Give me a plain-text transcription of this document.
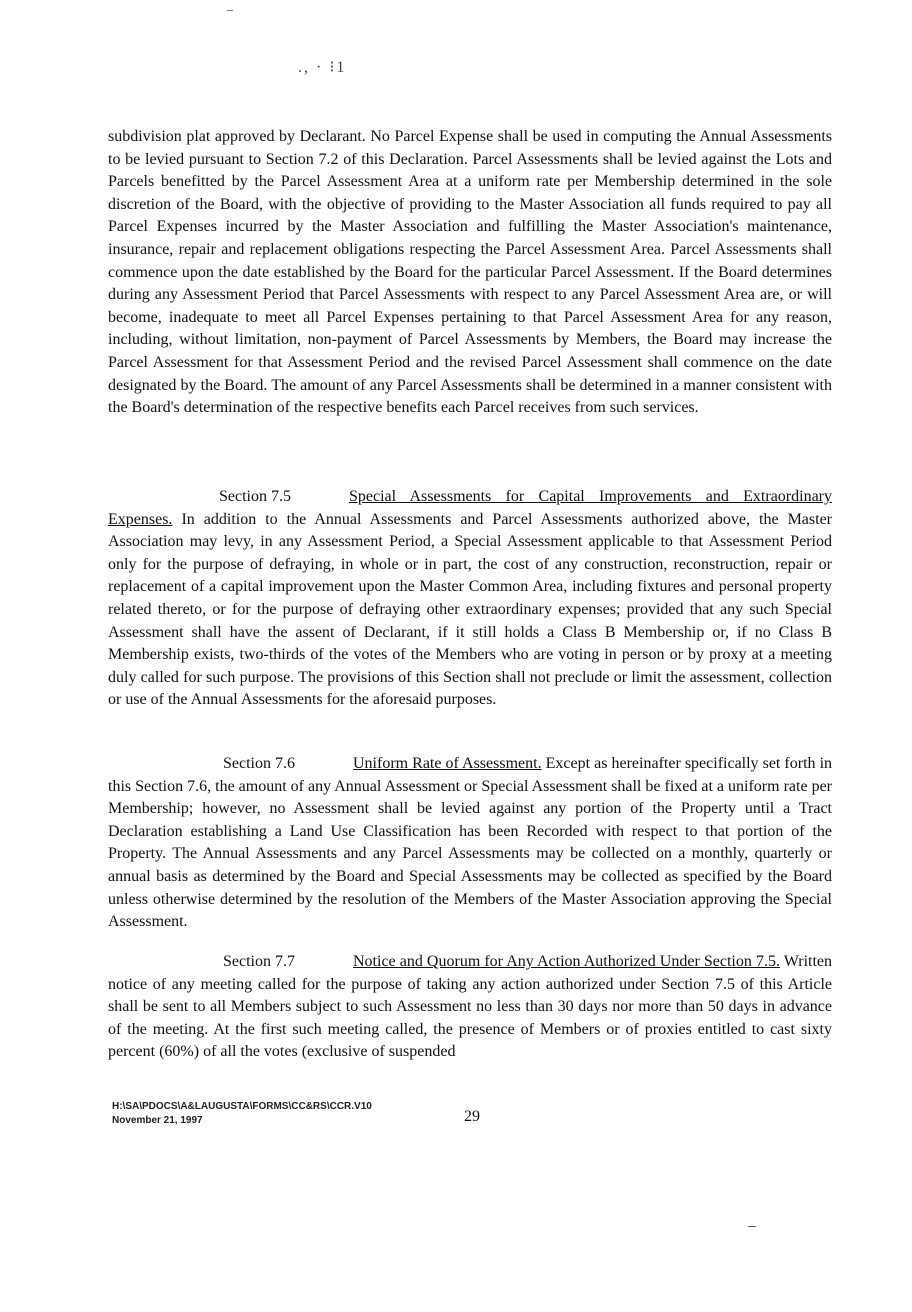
., · ⁝1
subdivision plat approved by Declarant. No Parcel Expense shall be used in computing the Annual Assessments to be levied pursuant to Section 7.2 of this Declaration. Parcel Assessments shall be levied against the Lots and Parcels benefitted by the Parcel Assessment Area at a uniform rate per Membership determined in the sole discretion of the Board, with the objective of providing to the Master Association all funds required to pay all Parcel Expenses incurred by the Master Association and fulfilling the Master Association's maintenance, insurance, repair and replacement obligations respecting the Parcel Assessment Area. Parcel Assessments shall commence upon the date established by the Board for the particular Parcel Assessment. If the Board determines during any Assessment Period that Parcel Assessments with respect to any Parcel Assessment Area are, or will become, inadequate to meet all Parcel Expenses pertaining to that Parcel Assessment Area for any reason, including, without limitation, non-payment of Parcel Assessments by Members, the Board may increase the Parcel Assessment for that Assessment Period and the revised Parcel Assessment shall commence on the date designated by the Board. The amount of any Parcel Assessments shall be determined in a manner consistent with the Board's determination of the respective benefits each Parcel receives from such services.
Section 7.5	Special Assessments for Capital Improvements and Extraordinary Expenses. In addition to the Annual Assessments and Parcel Assessments authorized above, the Master Association may levy, in any Assessment Period, a Special Assessment applicable to that Assessment Period only for the purpose of defraying, in whole or in part, the cost of any construction, reconstruction, repair or replacement of a capital improvement upon the Master Common Area, including fixtures and personal property related thereto, or for the purpose of defraying other extraordinary expenses; provided that any such Special Assessment shall have the assent of Declarant, if it still holds a Class B Membership or, if no Class B Membership exists, two-thirds of the votes of the Members who are voting in person or by proxy at a meeting duly called for such purpose. The provisions of this Section shall not preclude or limit the assessment, collection or use of the Annual Assessments for the aforesaid purposes.
Section 7.6	Uniform Rate of Assessment. Except as hereinafter specifically set forth in this Section 7.6, the amount of any Annual Assessment or Special Assessment shall be fixed at a uniform rate per Membership; however, no Assessment shall be levied against any portion of the Property until a Tract Declaration establishing a Land Use Classification has been Recorded with respect to that portion of the Property. The Annual Assessments and any Parcel Assessments may be collected on a monthly, quarterly or annual basis as determined by the Board and Special Assessments may be collected as specified by the Board unless otherwise determined by the resolution of the Members of the Master Association approving the Special Assessment.
Section 7.7	Notice and Quorum for Any Action Authorized Under Section 7.5. Written notice of any meeting called for the purpose of taking any action authorized under Section 7.5 of this Article shall be sent to all Members subject to such Assessment no less than 30 days nor more than 50 days in advance of the meeting. At the first such meeting called, the presence of Members or of proxies entitled to cast sixty percent (60%) of all the votes (exclusive of suspended
H:\SA\PDOCS\A&LAUGUSTA\FORMS\CC&RS\CCR.V10
November 21, 1997	29
